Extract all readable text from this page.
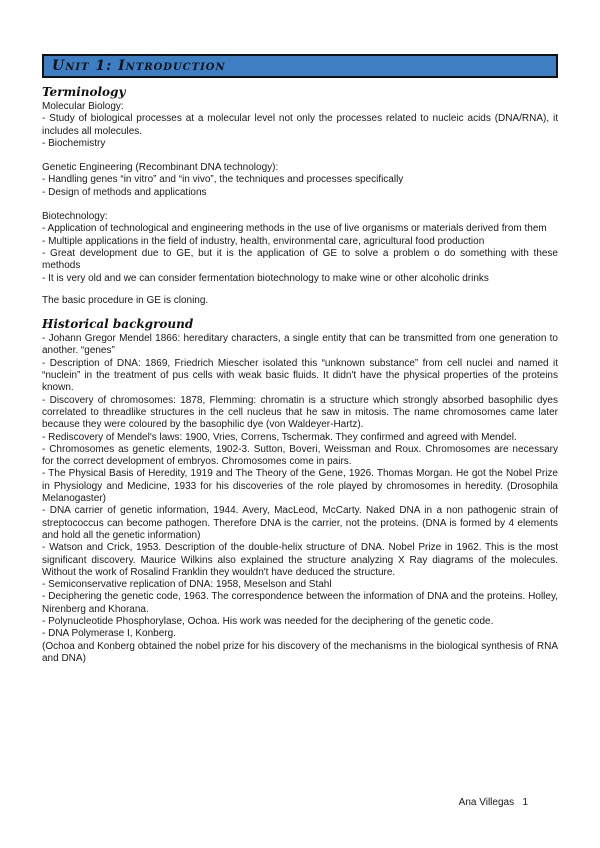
Unit 1: Introduction
Terminology

Molecular Biology:

- Study of biological processes at a molecular level not only the processes related to nucleic acids (DNA/RNA), it includes all molecules.

- Biochemistry

Genetic Engineering (Recombinant DNA technology):

- Handling genes “in vitro” and “in vivo”, the techniques and processes specifically

- Design of methods and applications

Biotechnology:

- Application of technological and engineering methods in the use of live organisms or materials derived from them

- Multiple applications in the field of industry, health, environmental care, agricultural food production

- Great development due to GE, but it is the application of GE to solve a problem o do something with these methods

- It is very old and we can consider fermentation biotechnology to make wine or other alcoholic drinks

The basic procedure in GE is cloning.

Historical background

- Johann Gregor Mendel 1866: hereditary characters, a single entity that can be transmitted from one generation to another. “genes”

- Description of DNA: 1869, Friedrich Miescher isolated this “unknown substance” from cell nuclei and named it “nuclein” in the treatment of pus cells with weak basic fluids. It didn't have the physical properties of the proteins known.

- Discovery of chromosomes: 1878, Flemming: chromatin is a structure which strongly absorbed basophilic dyes correlated to threadlike structures in the cell nucleus that he saw in mitosis. The name chromosomes came later because they were coloured by the basophilic dye (von Waldeyer-Hartz).

- Rediscovery of Mendel's laws: 1900, Vries, Correns, Tschermak. They confirmed and agreed with Mendel.

- Chromosomes as genetic elements, 1902-3. Sutton, Boveri, Weissman and Roux. Chromosomes are necessary for the correct development of embryos. Chromosomes come in pairs.

- The Physical Basis of Heredity, 1919 and The Theory of the Gene, 1926. Thomas Morgan. He got the Nobel Prize in Physiology and Medicine, 1933 for his discoveries of the role played by chromosomes in heredity. (Drosophila Melanogaster)

- DNA carrier of genetic information, 1944. Avery, MacLeod, McCarty. Naked DNA in a non pathogenic strain of streptococcus can become pathogen. Therefore DNA is the carrier, not the proteins. (DNA is formed by 4 elements and hold all the genetic information)

- Watson and Crick, 1953. Description of the double-helix structure of DNA. Nobel Prize in 1962. This is the most significant discovery. Maurice Wilkins also explained the structure analyzing X Ray diagrams of the molecules. Without the work of Rosalind Franklin they wouldn't have deduced the structure.

- Semiconservative replication of DNA: 1958, Meselson and Stahl

- Deciphering the genetic code, 1963. The correspondence between the information of DNA and the proteins. Holley, Nirenberg and Khorana.

- Polynucleotide Phosphorylase, Ochoa. His work was needed for the deciphering of the genetic code.

- DNA Polymerase I, Konberg.

(Ochoa and Konberg obtained the nobel prize for his discovery of the mechanisms in the biological synthesis of RNA and DNA)

Ana Villegas 1
